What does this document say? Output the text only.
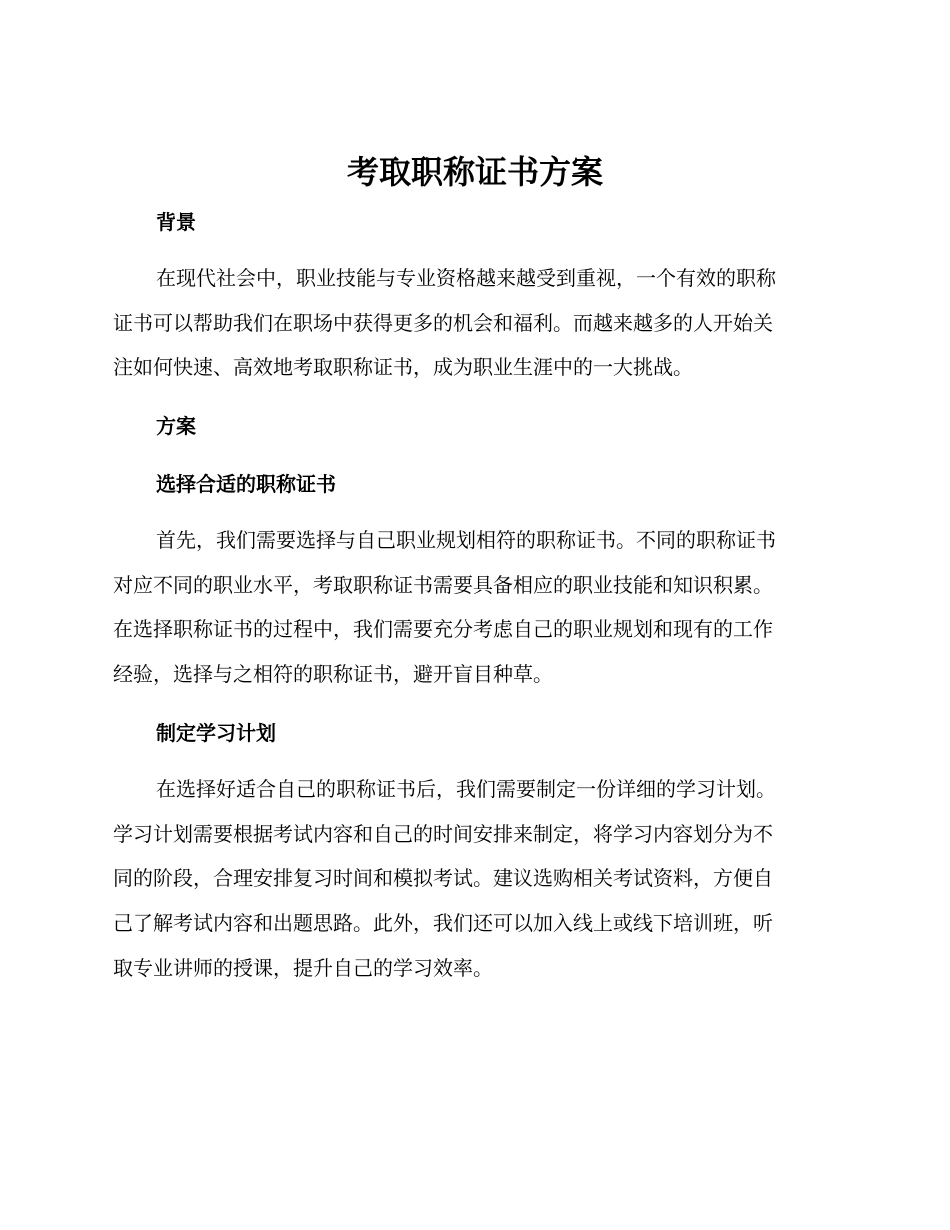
考取职称证书方案
背景
在现代社会中，职业技能与专业资格越来越受到重视，一个有效的职称
证书可以帮助我们在职场中获得更多的机会和福利。而越来越多的人开始关
注如何快速、高效地考取职称证书，成为职业生涯中的一大挑战。
方案
选择合适的职称证书
首先，我们需要选择与自己职业规划相符的职称证书。不同的职称证书
对应不同的职业水平，考取职称证书需要具备相应的职业技能和知识积累。
在选择职称证书的过程中，我们需要充分考虑自己的职业规划和现有的工作
经验，选择与之相符的职称证书，避开盲目种草。
制定学习计划
在选择好适合自己的职称证书后，我们需要制定一份详细的学习计划。
学习计划需要根据考试内容和自己的时间安排来制定，将学习内容划分为不
同的阶段，合理安排复习时间和模拟考试。建议选购相关考试资料，方便自
己了解考试内容和出题思路。此外，我们还可以加入线上或线下培训班，听
取专业讲师的授课，提升自己的学习效率。
